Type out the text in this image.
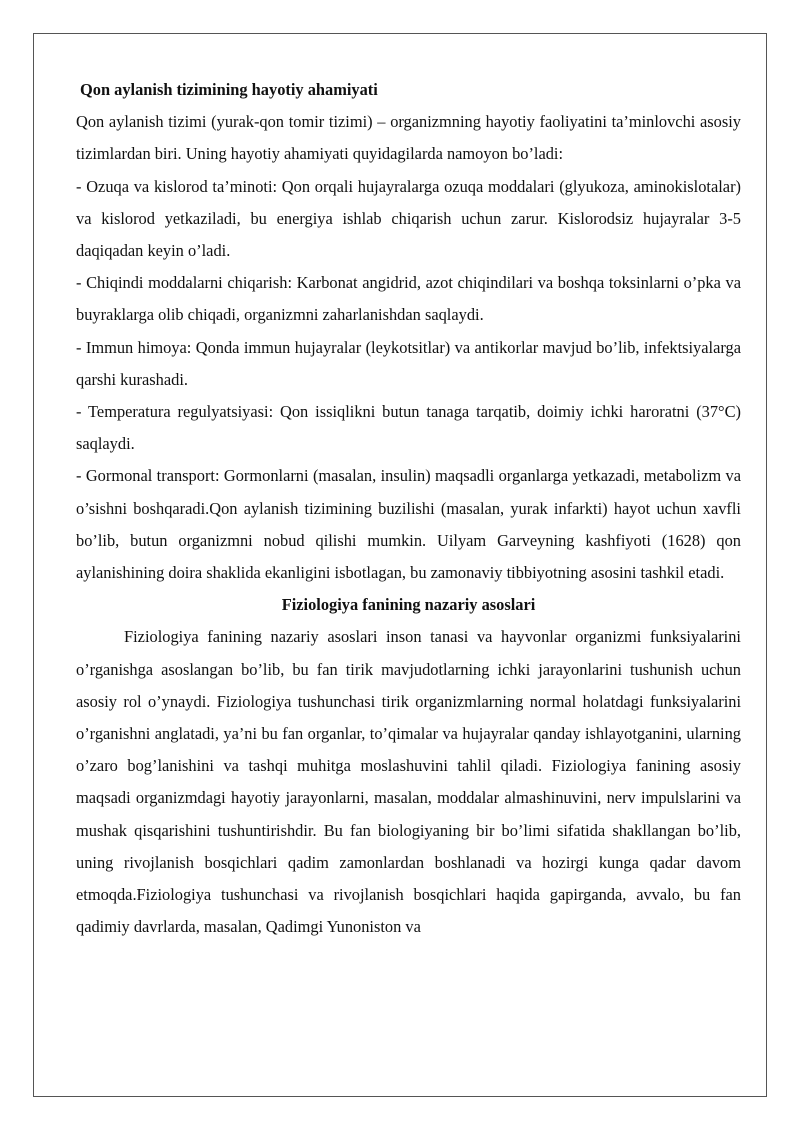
Qon aylanish tizimining hayotiy ahamiyati

Qon aylanish tizimi (yurak-qon tomir tizimi) – organizmning hayotiy faoliyatini ta’minlovchi asosiy tizimlardan biri. Uning hayotiy ahamiyati quyidagilarda namoyon bo’ladi:

- Ozuqa va kislorod ta’minoti: Qon orqali hujayralarga ozuqa moddalari (glyukoza, aminokislotalar) va kislorod yetkaziladi, bu energiya ishlab chiqarish uchun zarur. Kislorodsiz hujayralar 3-5 daqiqadan keyin o’ladi.

- Chiqindi moddalarni chiqarish: Karbonat angidrid, azot chiqindilari va boshqa toksinlarni o’pka va buyraklarga olib chiqadi, organizmni zaharlanishdan saqlaydi.

- Immun himoya: Qonda immun hujayralar (leykotsitlar) va antikorlar mavjud bo’lib, infektsiyalarga qarshi kurashadi.

- Temperatura regulyatsiyasi: Qon issiqlikni butun tanaga tarqatib, doimiy ichki haroratni (37°C) saqlaydi.

- Gormonal transport: Gormonlarni (masalan, insulin) maqsadli organlarga yetkazadi, metabolizm va o’sishni boshqaradi.Qon aylanish tizimining buzilishi (masalan, yurak infarkti) hayot uchun xavfli bo’lib, butun organizmni nobud qilishi mumkin. Uilyam Garveyning kashfiyoti (1628) qon aylanishining doira shaklida ekanligini isbotlagan, bu zamonaviy tibbiyotning asosini tashkil etadi.

Fiziologiya fanining nazariy asoslari

Fiziologiya fanining nazariy asoslari inson tanasi va hayvonlar organizmi funksiyalarini o’rganishga asoslangan bo’lib, bu fan tirik mavjudotlarning ichki jarayonlarini tushunish uchun asosiy rol o’ynaydi. Fiziologiya tushunchasi tirik organizmlarning normal holatdagi funksiyalarini o’rganishni anglatadi, ya’ni bu fan organlar, to’qimalar va hujayralar qanday ishlayotganini, ularning o’zaro bog’lanishini va tashqi muhitga moslashuvini tahlil qiladi. Fiziologiya fanining asosiy maqsadi organizmdagi hayotiy jarayonlarni, masalan, moddalar almashinuvini, nerv impulslarini va mushak qisqarishini tushuntirishdir. Bu fan biologiyaning bir bo’limi sifatida shakllangan bo’lib, uning rivojlanish bosqichlari qadim zamonlardan boshlanadi va hozirgi kunga qadar davom etmoqda.Fiziologiya tushunchasi va rivojlanish bosqichlari haqida gapirganda, avvalo, bu fan qadimiy davrlarda, masalan, Qadimgi Yunoniston va
